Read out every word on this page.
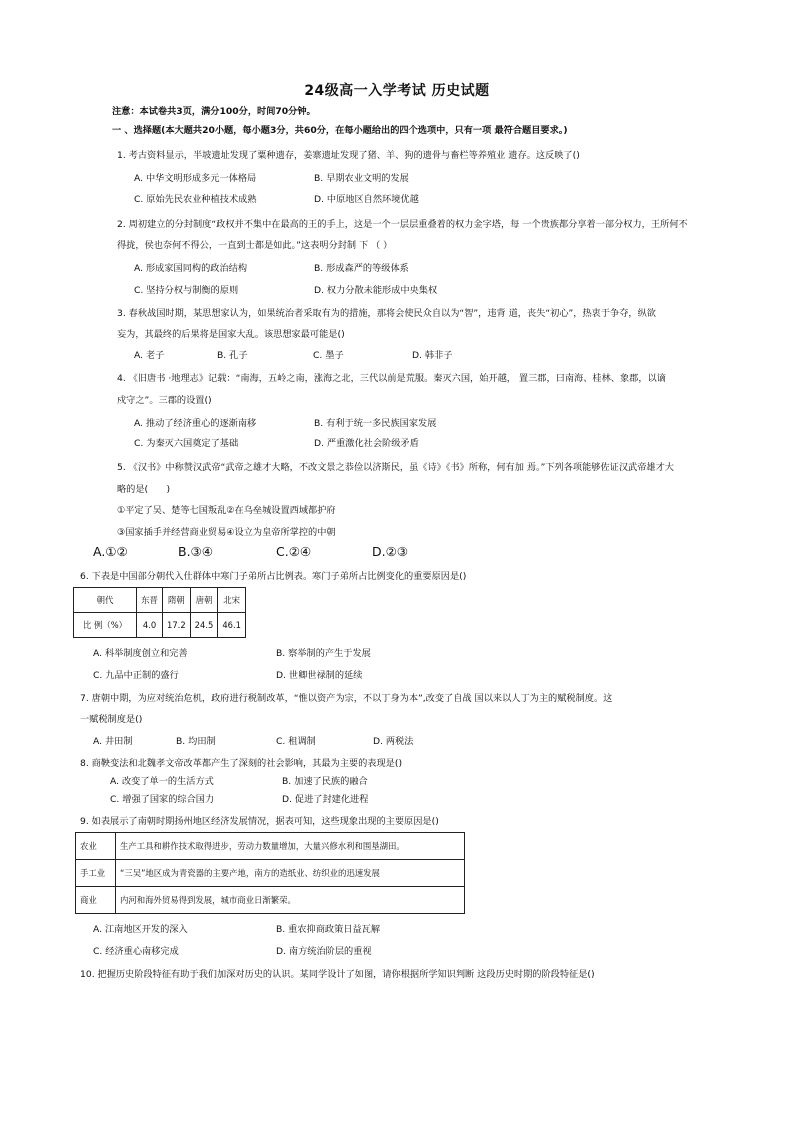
24级高一入学考试 历史试题
注意：本试卷共3页，满分100分，时间70分钟。
一 、选择题(本大题共20小题，每小题3分，共60分，在每小题给出的四个选项中，只有一项 最符合题目要求。)
1. 考古资料显示，半坡遗址发现了粟种遗存，姜寨遗址发现了猪、羊、狗的遗骨与畜栏等养殖业 遗存。这反映了()
A. 中华文明形成多元一体格局	B. 早期农业文明的发展
C. 原始先民农业种植技术成熟	D. 中原地区自然环境优越
2. 周初建立的分封制度“政权并不集中在最高的王的手上，这是一个一层层重叠着的权力金字塔，每 一个贵族都分享着一部分权力，王所何不
得拢，侯也奈何不得公，一直到士都是如此。”这表明分封制 下 （ ）
A. 形成家国同构的政治结构	B. 形成森严的等级体系
C. 坚持分权与制衡的原则	D. 权力分散未能形成中央集权
3. 春秋战国时期，某思想家认为，如果统治者采取有为的措施，那将会使民众自以为“智”，违背 道，丧失“初心”，热衷于争夺，纵欲
妄为，其最终的后果将是国家大乱。该思想家最可能是()
A. 老子	B. 孔子	C. 墨子	D. 韩非子
4. 《旧唐书 ·地理志》记载：“南海，五岭之南，涨海之北，三代以前是荒服。秦灭六国，始开越， 置三郡，曰南海、桂林、象郡，以谪
戍守之”。三郡的设置()
A. 推动了经济重心的逐渐南移	B. 有利于统一多民族国家发展
C. 为秦灭六国奠定了基础	D. 严重激化社会阶级矛盾
5. 《汉书》中称赞汉武帝“武帝之雄才大略，不改文景之恭俭以济斯民，虽《诗》《书》所称，何有加 焉。”下列各项能够佐证汉武帝雄才大
略的是(　　)
①平定了吴、楚等七国叛乱②在乌垒城设置西域都护府
③国家插手并经营商业贸易④设立为皇帝所掌控的中朝
A.①②	B.③④	C.②④	D.②③
6. 下表是中国部分朝代入仕群体中寒门子弟所占比例表。寒门子弟所占比例变化的重要原因是()
朝代	东晋	隋朝	唐朝	北宋
比 例（%）	4.0	17.2	24.5	46.1
A. 科举制度创立和完善	B. 察举制的产生于发展
C. 九品中正制的盛行	D. 世卿世禄制的延续
7. 唐朝中期，为应对统治危机，政府进行税制改革，“惟以资产为宗，不以丁身为本”,改变了自战 国以来以人丁为主的赋税制度。这
一赋税制度是()
A. 井田制	B. 均田制	C. 租调制	D. 两税法
8. 商鞅变法和北魏孝文帝改革都产生了深刻的社会影响，其最为主要的表现是()
A. 改变了单一的生活方式	B. 加速了民族的融合
C. 增强了国家的综合国力	D. 促进了封建化进程
9. 如表展示了南朝时期扬州地区经济发展情况，据表可知，这些现象出现的主要原因是()
农业	生产工具和耕作技术取得进步，劳动力数量增加，大量兴修水利和围垦湖田。
手工业	“三吴”地区成为青瓷器的主要产地，南方的造纸业、纺织业的迅速发展
商业	内河和海外贸易得到发展，城市商业日渐繁荣。
A. 江南地区开发的深入	B. 重农抑商政策日益瓦解
C. 经济重心南移完成	D. 南方统治阶层的重视
10. 把握历史阶段特征有助于我们加深对历史的认识。某同学设计了如图，请你根据所学知识判断 这段历史时期的阶段特征是()
